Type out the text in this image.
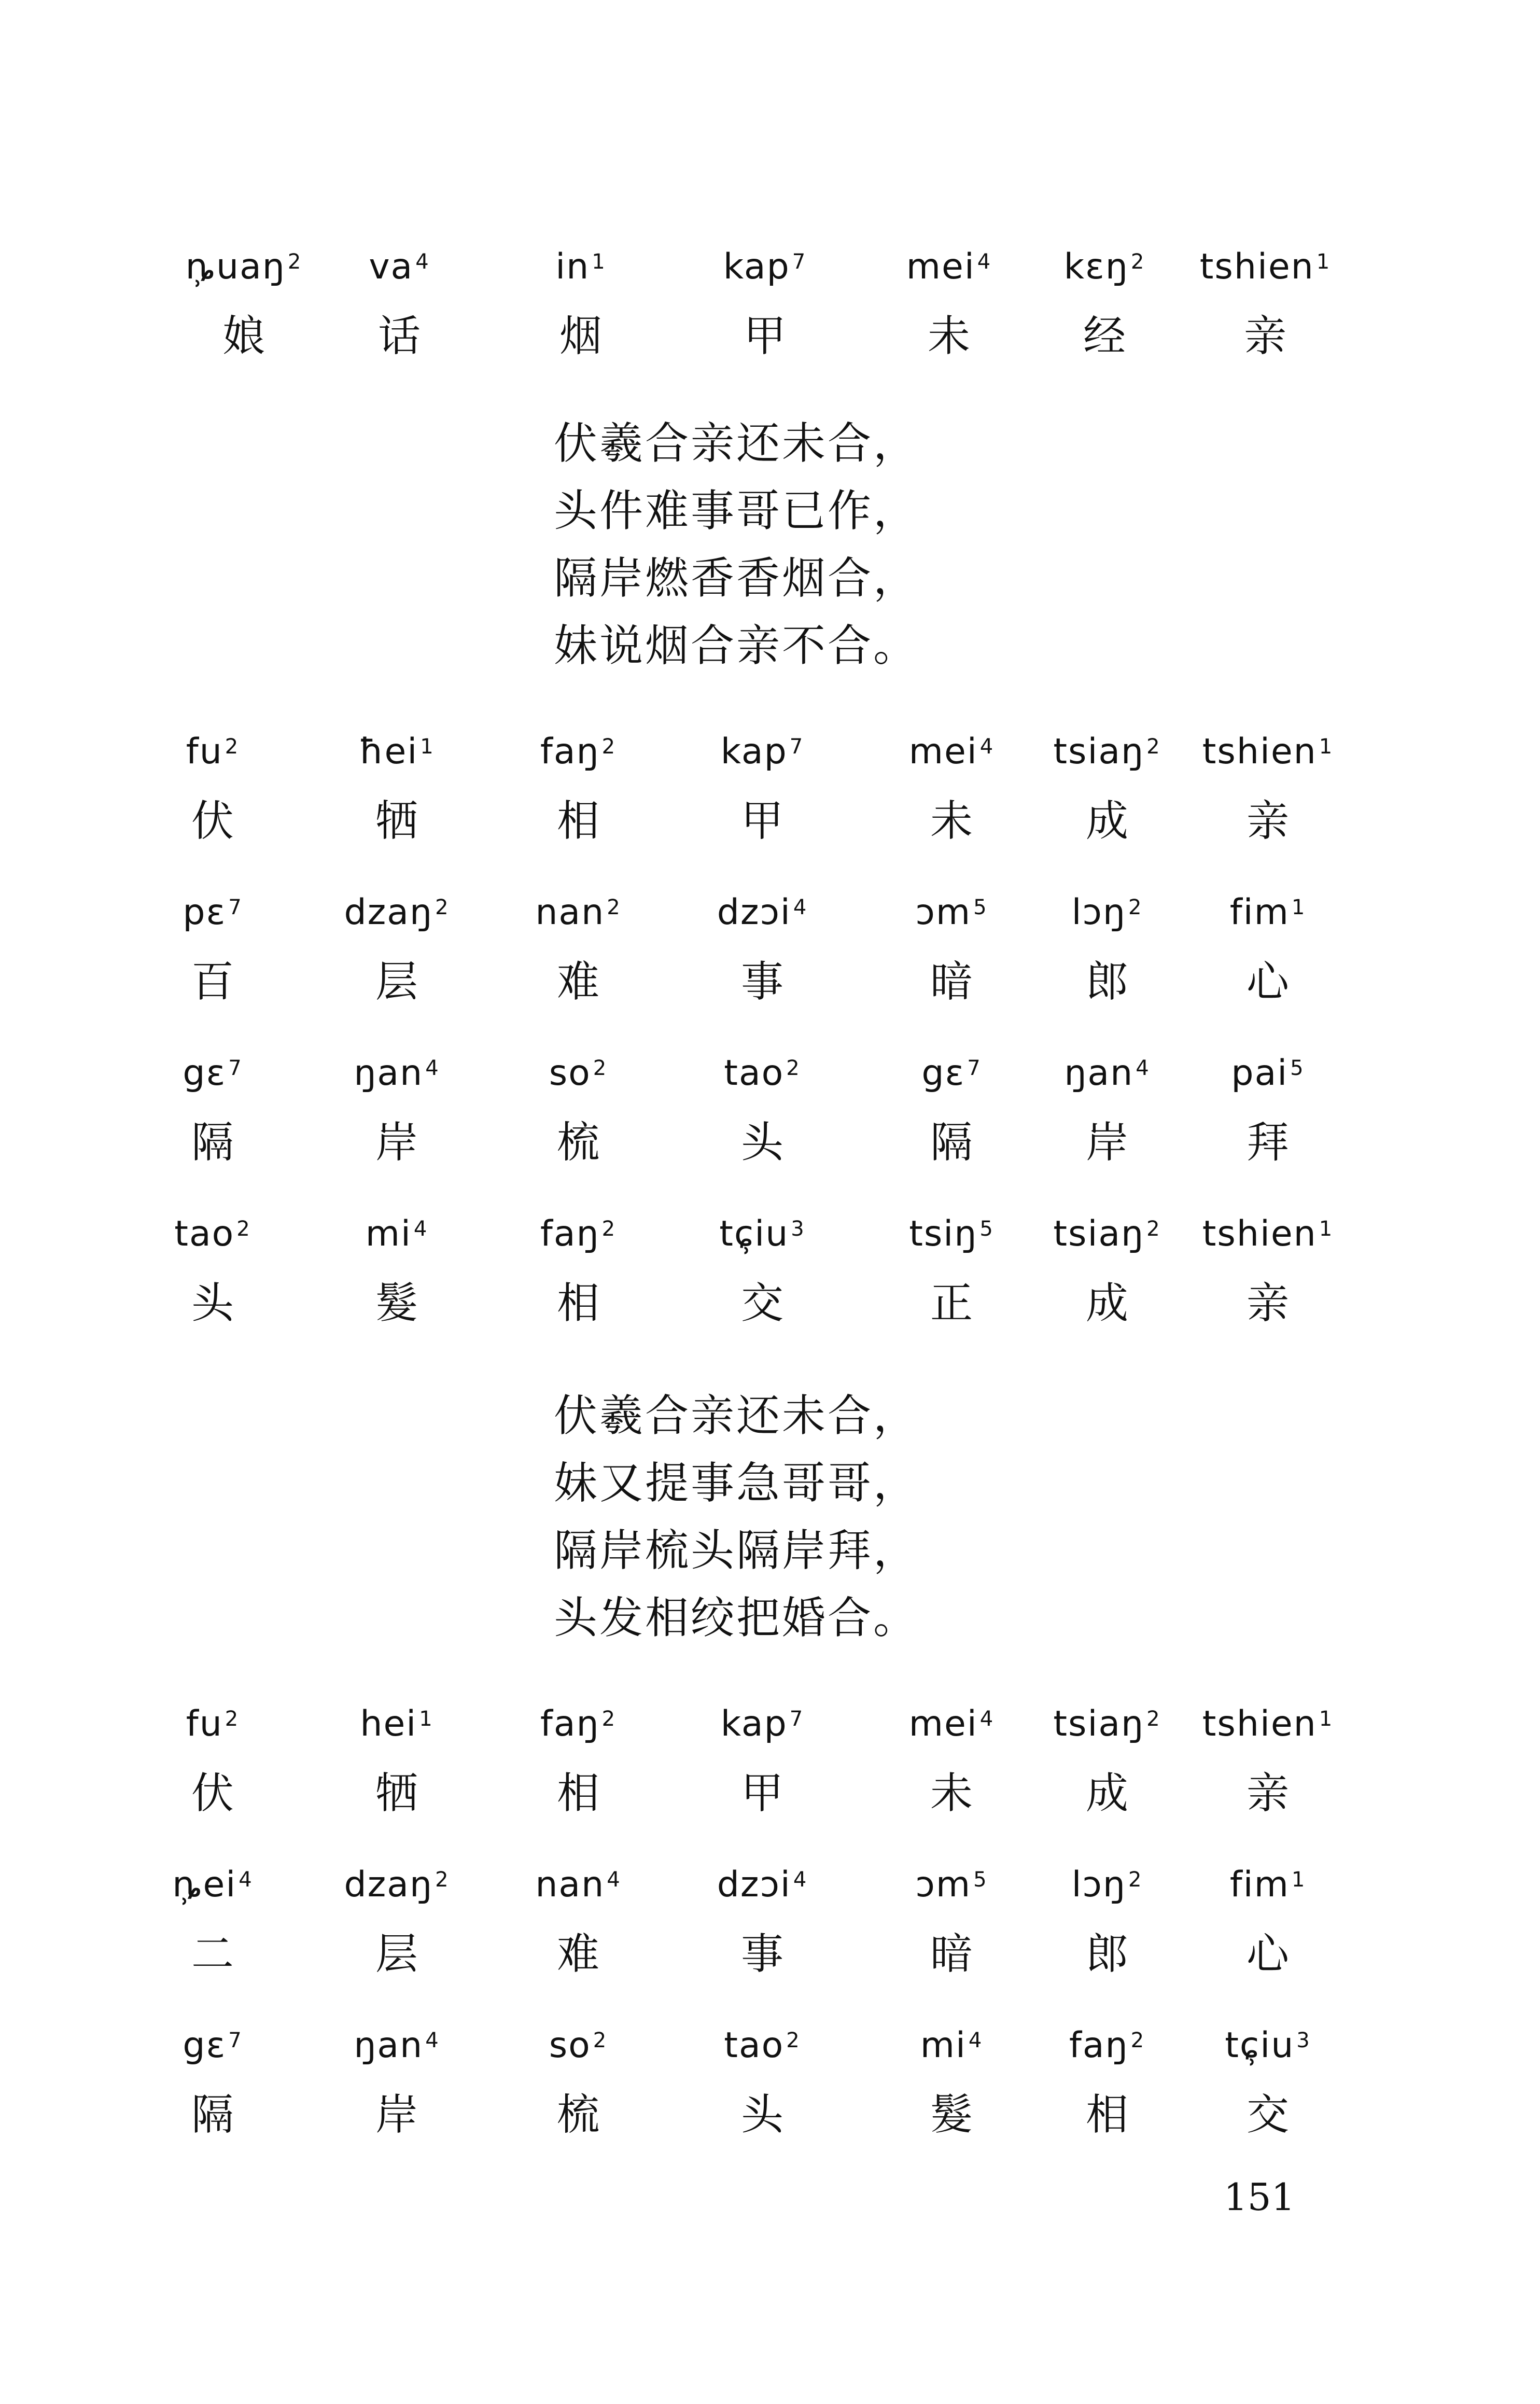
ȵ̹uaŋ $^2$
娘
va $^4$
话
in $^1$
烟
kap $^7$
甲
mei $^4$
未
kɛŋ $^2$
经
tshien $^1$
亲
伏羲合亲还未合，
头件难事哥已作，
隔岸燃香香烟合，
妹说烟合亲不合。
fu $^2$
伏
ħei $^1$
牺
faŋ $^2$
相
kap $^7$
甲
mei $^4$
未
tsiaŋ $^2$
成
tshien $^1$
亲
pɛ $^7$
百
dzaŋ $^2$
层
nan $^2$
难
dzɔi $^4$
事
ɔm $^5$
暗
lɔŋ $^2$
郎
fim $^1$
心
gɛ $^7$
隔
ŋan $^4$
岸
so $^2$
梳
tao $^2$
头
gɛ $^7$
隔
ŋan $^4$
岸
pai $^5$
拜
tao $^2$
头
mi $^4$
髮
faŋ $^2$
相
tɕ̹iu $^3$
交
tsiŋ $^5$
正
tsiaŋ $^2$
成
tshien $^1$
亲
伏羲合亲还未合，
妹又提事急哥哥，
隔岸梳头隔岸拜，
头发相绞把婚合。
fu $^2$
伏
hei $^1$
牺
faŋ $^2$
相
kap $^7$
甲
mei $^4$
未
tsiaŋ $^2$
成
tshien $^1$
亲
ȵ̹ei $^4$
二
dzaŋ $^2$
层
nan $^4$
难
dzɔi $^4$
事
ɔm $^5$
暗
lɔŋ $^2$
郎
fim $^1$
心
gɛ $^7$
隔
ŋan $^4$
岸
so $^2$
梳
tao $^2$
头
mi $^4$
髮
faŋ $^2$
相
tɕ̹iu $^3$
交
151
